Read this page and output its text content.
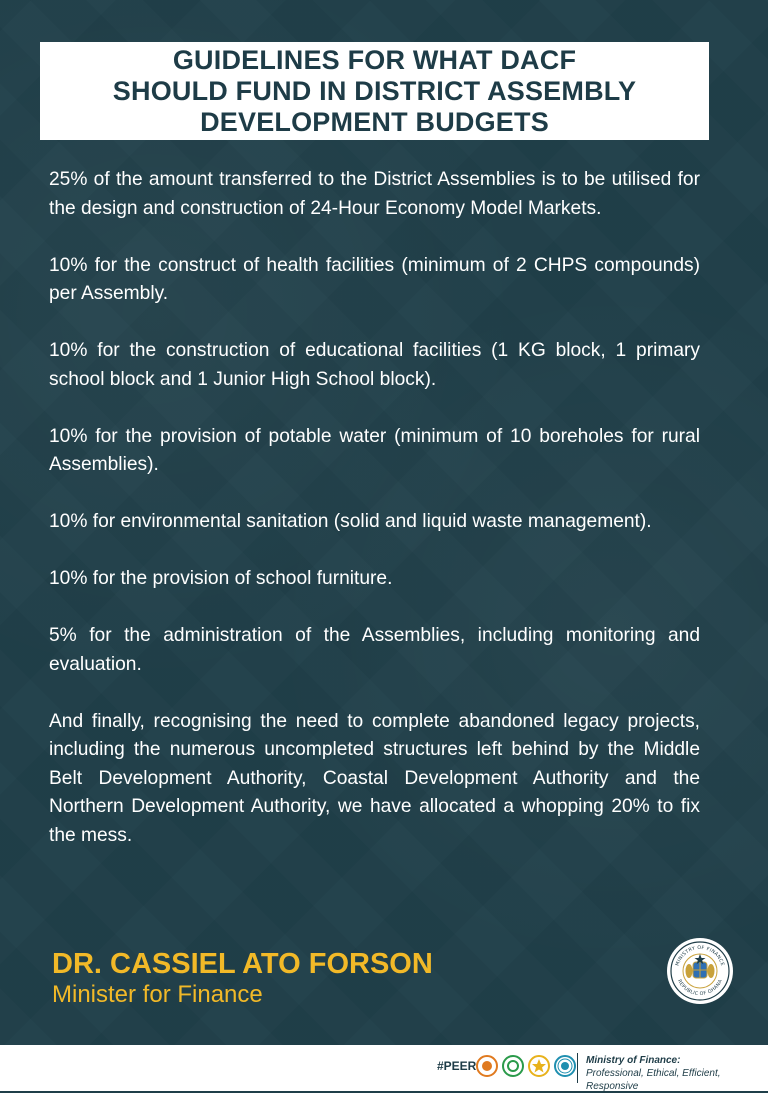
GUIDELINES FOR WHAT DACF
SHOULD FUND IN DISTRICT ASSEMBLY
DEVELOPMENT BUDGETS

25% of the amount transferred to the District Assemblies is to be utilised for the design and construction of 24-Hour Economy Model Markets.

10% for the construct of health facilities (minimum of 2 CHPS compounds) per Assembly.

10% for the construction of educational facilities (1 KG block, 1 primary school block and 1 Junior High School block).

10% for the provision of potable water (minimum of 10 boreholes for rural Assemblies).

10% for environmental sanitation (solid and liquid waste management).

10% for the provision of school furniture.

5% for the administration of the Assemblies, including monitoring and evaluation.

And finally, recognising the need to complete abandoned legacy projects, including the numerous uncompleted structures left behind by the Middle Belt Development Authority, Coastal Development Authority and the Northern Development Authority, we have allocated a whopping 20% to fix the mess.

DR. CASSIEL ATO FORSON
Minister for Finance
MINISTRY OF FINANCE
REPUBLIC OF GHANA
#PEER	Ministry of Finance:
Professional, Ethical, Efficient, Responsive
